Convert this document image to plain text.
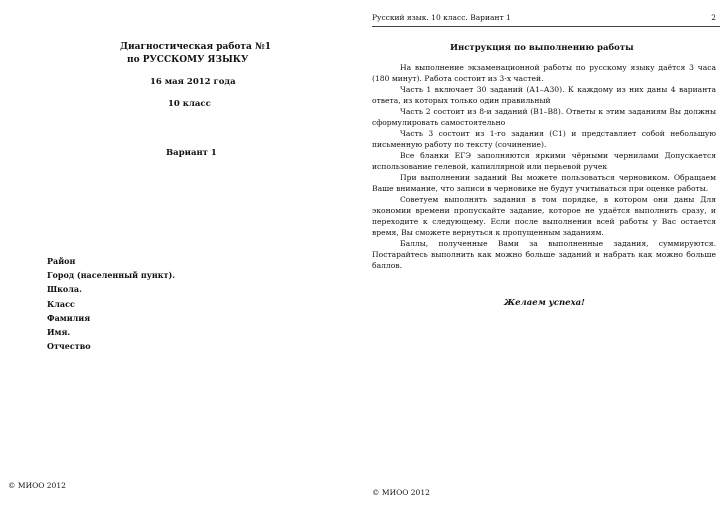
Диагностическая работа №1
по РУССКОМУ ЯЗЫКУ
16 мая 2012 года
10 класс
Вариант 1
Район
Город (населенный пункт).
Школа.
Класс
Фамилия
Имя.
Отчество
© МИОО 2012
Русский язык. 10 класс. Вариант 1	2
Инструкция по выполнению работы

На выполнение экзаменационной работы по русскому языку даётся 3 часа (180 минут). Работа состоит из 3-х частей.

Часть 1 включает 30 заданий (А1–А30). К каждому из них даны 4 варианта ответа, из которых только один правильный

Часть 2 состоит из 8-и заданий (В1–В8). Ответы к этим заданиям Вы должны сформулировать самостоятельно

Часть 3 состоит из 1-го задания (С1) и представляет собой небольшую письменную работу по тексту (сочинение).

Все бланки ЕГЭ заполняются яркими чёрными чернилами Допускается использование гелевой, капиллярной или перьевой ручек

При выполнении заданий Вы можете пользоваться черновиком. Обращаем Ваше внимание, что записи в черновике не будут учитываться при оценке работы.

Советуем выполнять задания в том порядке, в котором они даны Для экономии времени пропускайте задание, которое не удаётся выполнить сразу, и переходите к следующему. Если после выполнения всей работы у Вас остается время, Вы сможете вернуться к пропущенным заданиям.

Баллы, полученные Вами за выполненные задания, суммируются. Постарайтесь выполнить как можно больше заданий и набрать как можно больше баллов.

Желаем успеха!
© МИОО 2012
